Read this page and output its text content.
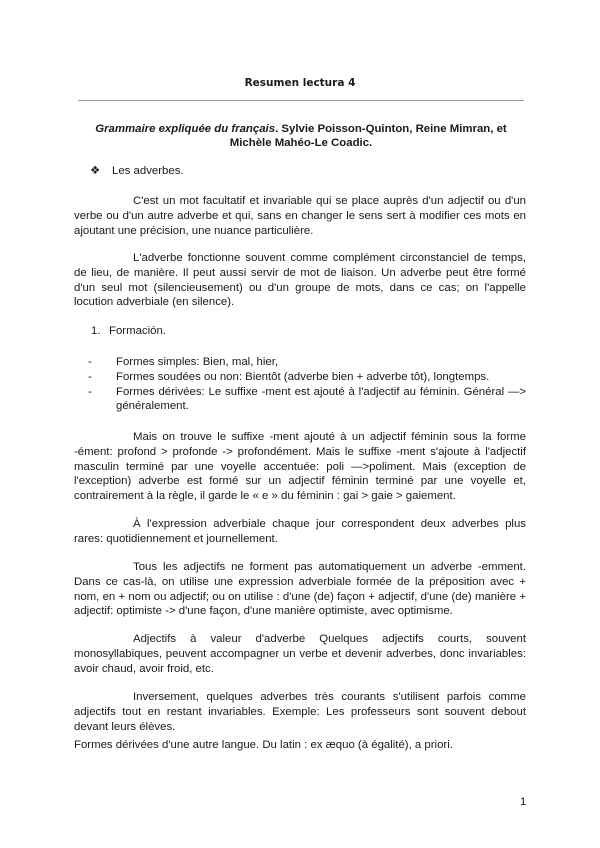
Resumen lectura 4
Grammaire expliquée du français. Sylvie Poisson-Quinton, Reine Mimran, et Michèle Mahéo-Le Coadic.
❖ Les adverbes.
C'est un mot facultatif et invariable qui se place auprès d'un adjectif ou d'un verbe ou d'un autre adverbe et qui, sans en changer le sens sert à modifier ces mots en ajoutant une précision, une nuance particulière.
L'adverbe fonctionne souvent comme complément circonstanciel de temps, de lieu, de manière. Il peut aussi servir de mot de liaison. Un adverbe peut être formé d'un seul mot (silencieusement) ou d'un groupe de mots, dans ce cas; on l'appelle locution adverbiale (en silence).
1. Formación.
- Formes simples: Bien, mal, hier,
- Formes soudées ou non: Bientôt (adverbe bien + adverbe tôt), longtemps.
- Formes dérivées: Le suffixe -ment est ajouté à l'adjectif au féminin. Général —> généralement.
Mais on trouve le suffixe -ment ajouté à un adjectif féminin sous la forme -ément: profond > profonde -> profondément. Mais le suffixe -ment s'ajoute à l'adjectif masculin terminé par une voyelle accentuée: poli —>poliment. Mais (exception de l'exception) adverbe est formé sur un adjectif féminin terminé par une voyelle et, contrairement à la règle, il garde le « e » du féminin : gai > gaie > gaiement.
À l'expression adverbiale chaque jour correspondent deux adverbes plus rares: quotidiennement et journellement.
Tous les adjectifs ne forment pas automatiquement un adverbe -emment. Dans ce cas-là, on utilise une expression adverbiale formée de la préposition avec + nom, en + nom ou adjectif; ou on utilise : d'une (de) façon + adjectif, d'une (de) manière + adjectif: optimiste -> d'une façon, d'une manière optimiste, avec optimisme.
Adjectifs à valeur d'adverbe Quelques adjectifs courts, souvent monosyllabiques, peuvent accompagner un verbe et devenir adverbes, donc invariables: avoir chaud, avoir froid, etc.
Inversement, quelques adverbes très courants s'utilisent parfois comme adjectifs tout en restant invariables. Exemple: Les professeurs sont souvent debout devant leurs élèves.
Formes dérivées d'une autre langue. Du latin : ex æquo (à égalité), a priori.
1
